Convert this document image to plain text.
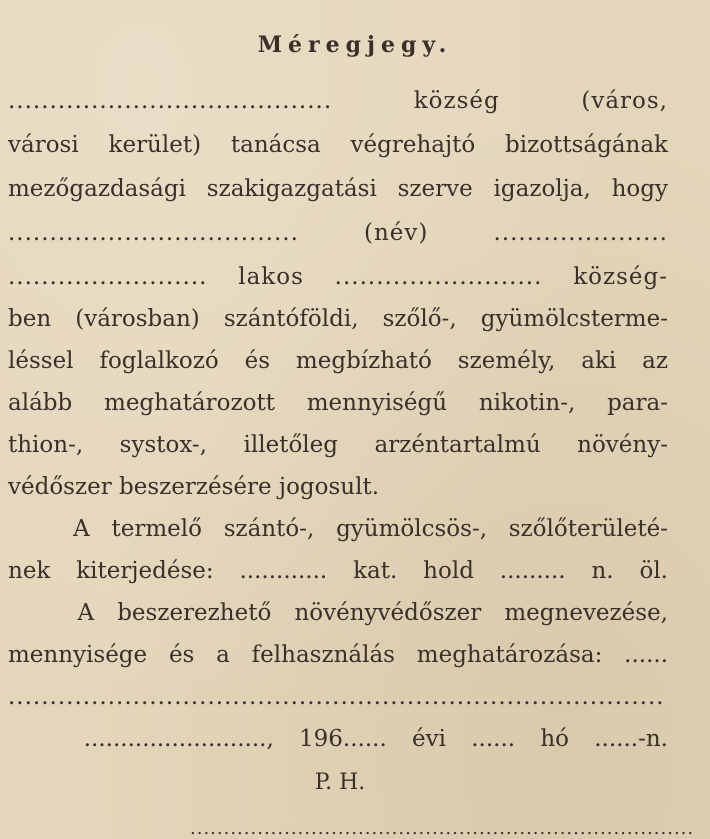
Méregjegy.
....................................... község (város,
városi kerület) tanácsa végrehajtó bizottságának
mezőgazdasági szakigazgatási szerve igazolja, hogy
................................... (név) .....................
........................ lakos ......................... község-
ben (városban) szántóföldi, szőlő-, gyümölcsterme-
léssel foglalkozó és megbízható személy, aki az
alább meghatározott mennyiségű nikotin-, para-
thion-, systox-, illetőleg arzéntartalmú növény-
védőszer beszerzésére jogosult.
A termelő szántó-, gyümölcsös-, szőlőterületé-
nek kiterjedése: ............ kat. hold ......... n. öl.
A beszerezhető növényvédőszer megnevezése,
mennyisége és a felhasználás meghatározása: ......
...............................................................................
........................., 196...... évi ...... hó ......-n.
P. H.
...........................................................................
